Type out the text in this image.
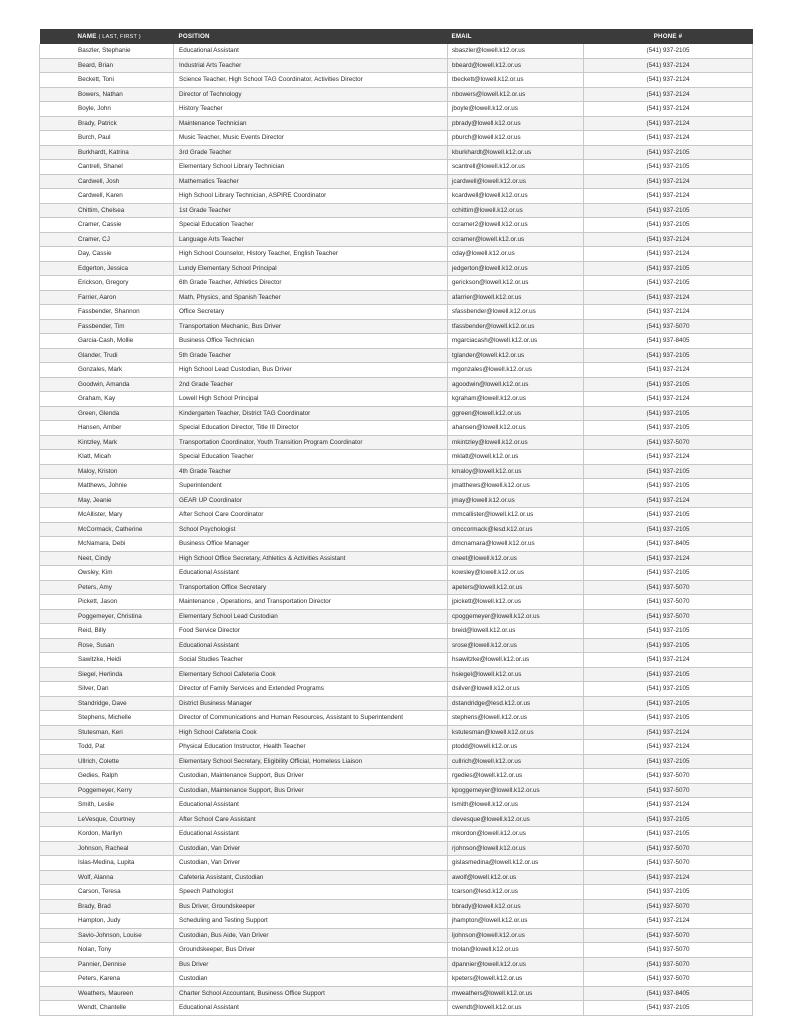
NAME ( LAST, FIRST )	POSITION	EMAIL	PHONE #
Baszler, Stephanie	Educational Assistant	sbaszler@lowell.k12.or.us	(541) 937-2105
Beard, Brian	Industrial Arts Teacher	bbeard@lowell.k12.or.us	(541) 937-2124
Beckett, Toni	Science Teacher, High School TAG Coordinator, Activities Director	tbeckett@lowell.k12.or.us	(541) 937-2124
Bowers, Nathan	Director of Technology	nbowers@lowell.k12.or.us	(541) 937-2124
Boyle, John	History Teacher	jboyle@lowell.k12.or.us	(541) 937-2124
Brady, Patrick	Maintenance Technician	pbrady@lowell.k12.or.us	(541) 937-2124
Burch, Paul	Music Teacher, Music Events Director	pburch@lowell.k12.or.us	(541) 937-2124
Burkhardt, Katrina	3rd Grade Teacher	kburkhardt@lowell.k12.or.us	(541) 937-2105
Cantrell, Shanel	Elementary School Library Technician	scantrell@lowell.k12.or.us	(541) 937-2105
Cardwell, Josh	Mathematics Teacher	jcardwell@lowell.k12.or.us	(541) 937-2124
Cardwell, Karen	High School Library Technician, ASPIRE Coordinator	kcardwell@lowell.k12.or.us	(541) 937-2124
Chittim, Chelsea	1st Grade Teacher	cchittim@lowell.k12.or.us	(541) 937-2105
Cramer, Cassie	Special Education Teacher	ccramer2@lowell.k12.or.us	(541) 937-2105
Cramer, CJ	Language Arts Teacher	ccramer@lowell.k12.or.us	(541) 937-2124
Day, Cassie	High School Counselor, History Teacher, English Teacher	cday@lowell.k12.or.us	(541) 937-2124
Edgerton, Jessica	Lundy Elementary School Principal	jedgerton@lowell.k12.or.us	(541) 937-2105
Erickson, Gregory	6th Grade Teacher, Athletics Director	gerickson@lowell.k12.or.us	(541) 937-2105
Farrier, Aaron	Math, Physics, and Spanish Teacher	afarrier@lowell.k12.or.us	(541) 937-2124
Fassbender, Shannon	Office Secretary	sfassbender@lowell.k12.or.us	(541) 937-2124
Fassbender, Tim	Transportation Mechanic, Bus Driver	tfassbender@lowell.k12.or.us	(541) 937-5070
Garcia-Cash, Mollie	Business Office Technician	mgarciacash@lowell.k12.or.us	(541) 937-8405
Glander, Trudi	5th Grade Teacher	tglander@lowell.k12.or.us	(541) 937-2105
Gonzales, Mark	High School Lead Custodian, Bus Driver	mgonzales@lowell.k12.or.us	(541) 937-2124
Goodwin, Amanda	2nd Grade Teacher	agoodwin@lowell.k12.or.us	(541) 937-2105
Graham, Kay	Lowell High School Principal	kgraham@lowell.k12.or.us	(541) 937-2124
Green, Glenda	Kindergarten Teacher, District TAG Coordinator	ggreen@lowell.k12.or.us	(541) 937-2105
Hansen, Amber	Special Education Director, Title III Director	ahansen@lowell.k12.or.us	(541) 937-2105
Kintzley, Mark	Transportation Coordinator, Youth Transition Program Coordinator	mkintzley@lowell.k12.or.us	(541) 937-5070
Klatt, Micah	Special Education Teacher	mklatt@lowell.k12.or.us	(541) 937-2124
Maloy, Kriston	4th Grade Teacher	kmaloy@lowell.k12.or.us	(541) 937-2105
Matthews, Johnie	Superintendent	jmatthews@lowell.k12.or.us	(541) 937-2105
May, Jeanie	GEAR UP Coordinator	jmay@lowell.k12.or.us	(541) 937-2124
McAllister, Mary	After School Care Coordinator	mmcallister@lowell.k12.or.us	(541) 937-2105
McCormack, Catherine	School Psychologist	cmccormack@lesd.k12.or.us	(541) 937-2105
McNamara, Debi	Business Office Manager	dmcnamara@lowell.k12.or.us	(541) 937-8405
Neet, Cindy	High School Office Secretary, Athletics & Activities Assistant	cneet@lowell.k12.or.us	(541) 937-2124
Owsley, Kim	Educational Assistant	kowsley@lowell.k12.or.us	(541) 937-2105
Peters, Amy	Transportation Office Secretary	apeters@lowell.k12.or.us	(541) 937-5070
Pickett, Jason	Maintenance , Operations, and Transportation Director	jpickett@lowell.k12.or.us	(541) 937-5070
Poggemeyer, Christina	Elementary School Lead Custodian	cpoggemeyer@lowell.k12.or.us	(541) 937-5070
Reid, Billy	Food Service Director	breid@lowell.k12.or.us	(541) 937-2105
Rose, Susan	Educational Assistant	srose@lowell.k12.or.us	(541) 937-2105
Sawitzke, Heidi	Social Studies Teacher	hsawitzke@lowell.k12.or.us	(541) 937-2124
Siegel, Herlinda	Elementary School Cafeteria Cook	hsiegel@lowell.k12.or.us	(541) 937-2105
Silver, Dan	Director of Family Services and Extended Programs	dsilver@lowell.k12.or.us	(541) 937-2105
Standridge, Dave	District Business Manager	dstandridge@lesd.k12.or.us	(541) 937-2105
Stephens, Michelle	Director of Communications and Human Resources, Assistant to Superintendent	stephens@lowell.k12.or.us	(541) 937-2105
Stutesman, Keri	High School Cafeteria Cook	kstutesman@lowell.k12.or.us	(541) 937-2124
Todd, Pat	Physical Education Instructor, Health Teacher	ptodd@lowell.k12.or.us	(541) 937-2124
Ullrich, Colette	Elementary School Secretary, Eligibility Official, Homeless Liaison	cullrich@lowell.k12.or.us	(541) 937-2105
Gedies, Ralph	Custodian, Maintenance Support, Bus Driver	rgedies@lowell.k12.or.us	(541) 937-5070
Poggemeyer, Kerry	Custodian, Maintenance Support, Bus Driver	kpoggemeyer@lowell.k12.or.us	(541) 937-5070
Smith, Leslie	Educational Assistant	lsmith@lowell.k12.or.us	(541) 937-2124
LeVesque, Courtney	After School Care Assistant	clevesque@lowell.k12.or.us	(541) 937-2105
Kordon, Marilyn	Educational Assistant	mkordon@lowell.k12.or.us	(541) 937-2105
Johnson, Racheal	Custodian, Van Driver	rjohnson@lowell.k12.or.us	(541) 937-5070
Islas-Medina, Lupita	Custodian, Van Driver	gislasmedina@lowell.k12.or.us	(541) 937-5070
Wolf, Alanna	Cafeteria Assistant, Custodian	awolf@lowell.k12.or.us	(541) 937-2124
Carson, Teresa	Speech Pathologist	tcarson@lesd.k12.or.us	(541) 937-2105
Brady, Brad	Bus Driver, Groundskeeper	bbrady@lowell.k12.or.us	(541) 937-5070
Hampton, Judy	Scheduling and Testing Support	jhampton@lowell.k12.or.us	(541) 937-2124
Savio-Johnson, Louise	Custodian, Bus Aide, Van Driver	ljohnson@lowell.k12.or.us	(541) 937-5070
Nolan, Tony	Groundskeeper, Bus Driver	tnolan@lowell.k12.or.us	(541) 937-5070
Pannier, Dennise	Bus Driver	dpannier@lowell.k12.or.us	(541) 937-5070
Peters, Karena	Custodian	kpeters@lowell.k12.or.us	(541) 937-5070
Weathers, Maureen	Charter School Accountant, Business Office Support	mweathers@lowell.k12.or.us	(541) 937-8405
Wendt, Chantelle	Educational Assistant	cwendt@lowell.k12.or.us	(541) 937-2105
